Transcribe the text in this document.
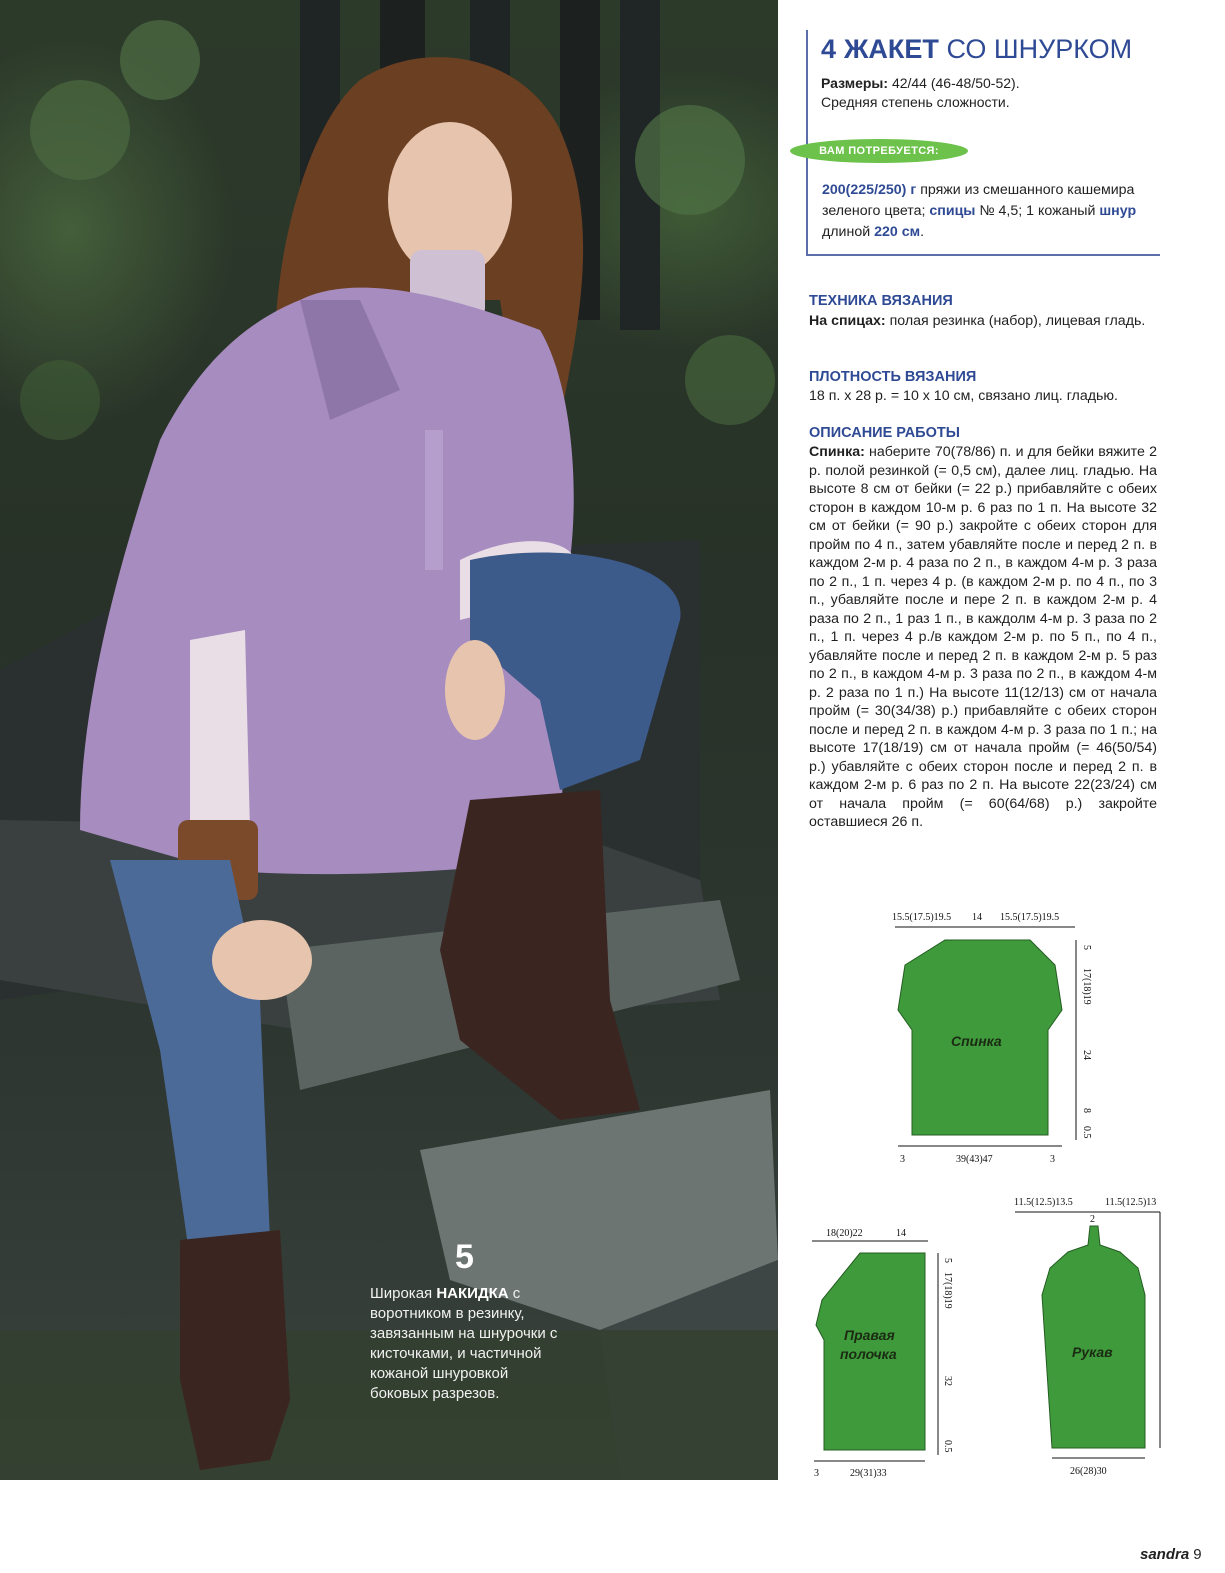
5
Широкая НАКИДКА с воротником в резинку, завязанным на шнурочки с кисточками, и частичной кожаной шнуровкой боковых разрезов.
4 ЖАКЕТ СО ШНУРКОМ
Размеры: 42/44 (46-48/50-52).
Средняя степень сложности.
ВАМ ПОТРЕБУЕТСЯ:
200(225/250) г пряжи из смешанного кашемира зеленого цвета; спицы № 4,5; 1 кожаный шнур длиной 220 см.
ТЕХНИКА ВЯЗАНИЯ
На спицах: полая резинка (набор), лицевая гладь.
ПЛОТНОСТЬ ВЯЗАНИЯ
18 п. х 28 р. = 10 х 10 см, связано лиц. гладью.
ОПИСАНИЕ РАБОТЫ
Спинка: наберите 70(78/86) п. и для бейки вяжите 2 р. полой резинкой (= 0,5 см), далее лиц. гладью. На высоте 8 см от бейки (= 22 р.) прибавляйте с обеих сторон в каждом 10-м р. 6 раз по 1 п. На высоте 32 см от бейки (= 90 р.) закройте с обеих сторон для пройм по 4 п., затем убавляйте после и перед 2 п. в каждом 2-м р. 4 раза по 2 п., в каждом 4-м р. 3 раза по 2 п., 1 п. через 4 р. (в каждом 2-м р. по 4 п., по 3 п., убавляйте после и пере 2 п. в каждом 2-м р. 4 раза по 2 п., 1 раз 1 п., в каждолм 4-м р. 3 раза по 2 п., 1 п. через 4 р./в каждом 2-м р. по 5 п., по 4 п., убавляйте после и перед 2 п. в каждом 2-м р. 5 раз по 2 п., в каждом 4-м р. 3 раза по 2 п., в каждом 4-м р. 2 раза по 1 п.) На высоте 11(12/13) см от начала пройм (= 30(34/38) р.) прибавляйте с обеих сторон после и перед 2 п. в каждом 4-м р. 3 раза по 1 п.; на высоте 17(18/19) см от начала пройм (= 46(50/54) р.) убавляйте с обеих сторон после и перед 2 п. в каждом 2-м р. 6 раз по 2 п. На высоте 22(23/24) см от начала пройм (= 60(64/68) р.) закройте оставшиеся 26 п.
15.5(17.5)19.5 14 15.5(17.5)19.5
Спинка
5
17(18)19
24
8
0.5
3	39(43)47	3
18(20)22	14
Правая
полочка
5
17(18)19
32
0.5
3	29(31)33
11.5(12.5)13.5	11.5(12.5)13
2
Рукав
26(28)30
sandra 9
